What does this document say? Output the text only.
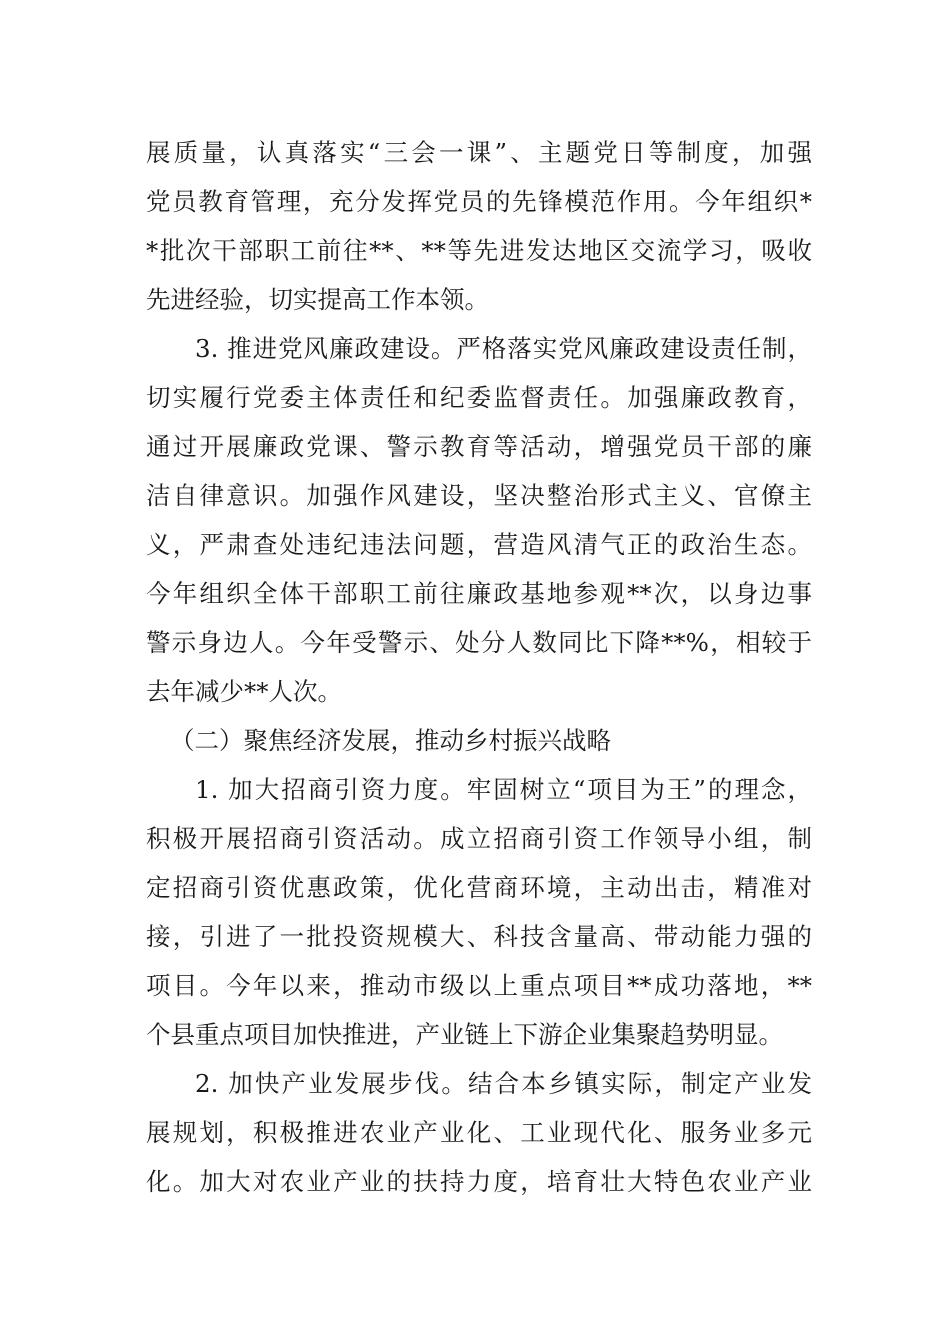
展质量，认真落实“三会一课”、主题党日等制度，加强
党员教育管理，充分发挥党员的先锋模范作用。今年组织*
*批次干部职工前往**、**等先进发达地区交流学习，吸收
先进经验，切实提高工作本领。
3. 推进党风廉政建设。严格落实党风廉政建设责任制，
切实履行党委主体责任和纪委监督责任。加强廉政教育，
通过开展廉政党课、警示教育等活动，增强党员干部的廉
洁自律意识。加强作风建设，坚决整治形式主义、官僚主
义，严肃查处违纪违法问题，营造风清气正的政治生态。
今年组织全体干部职工前往廉政基地参观**次，以身边事
警示身边人。今年受警示、处分人数同比下降**%，相较于
去年减少**人次。
（二）聚焦经济发展，推动乡村振兴战略
1. 加大招商引资力度。牢固树立“项目为王”的理念，
积极开展招商引资活动。成立招商引资工作领导小组，制
定招商引资优惠政策，优化营商环境，主动出击，精准对
接，引进了一批投资规模大、科技含量高、带动能力强的
项目。今年以来，推动市级以上重点项目**成功落地，**
个县重点项目加快推进，产业链上下游企业集聚趋势明显。
2. 加快产业发展步伐。结合本乡镇实际，制定产业发
展规划，积极推进农业产业化、工业现代化、服务业多元
化。加大对农业产业的扶持力度，培育壮大特色农业产业
